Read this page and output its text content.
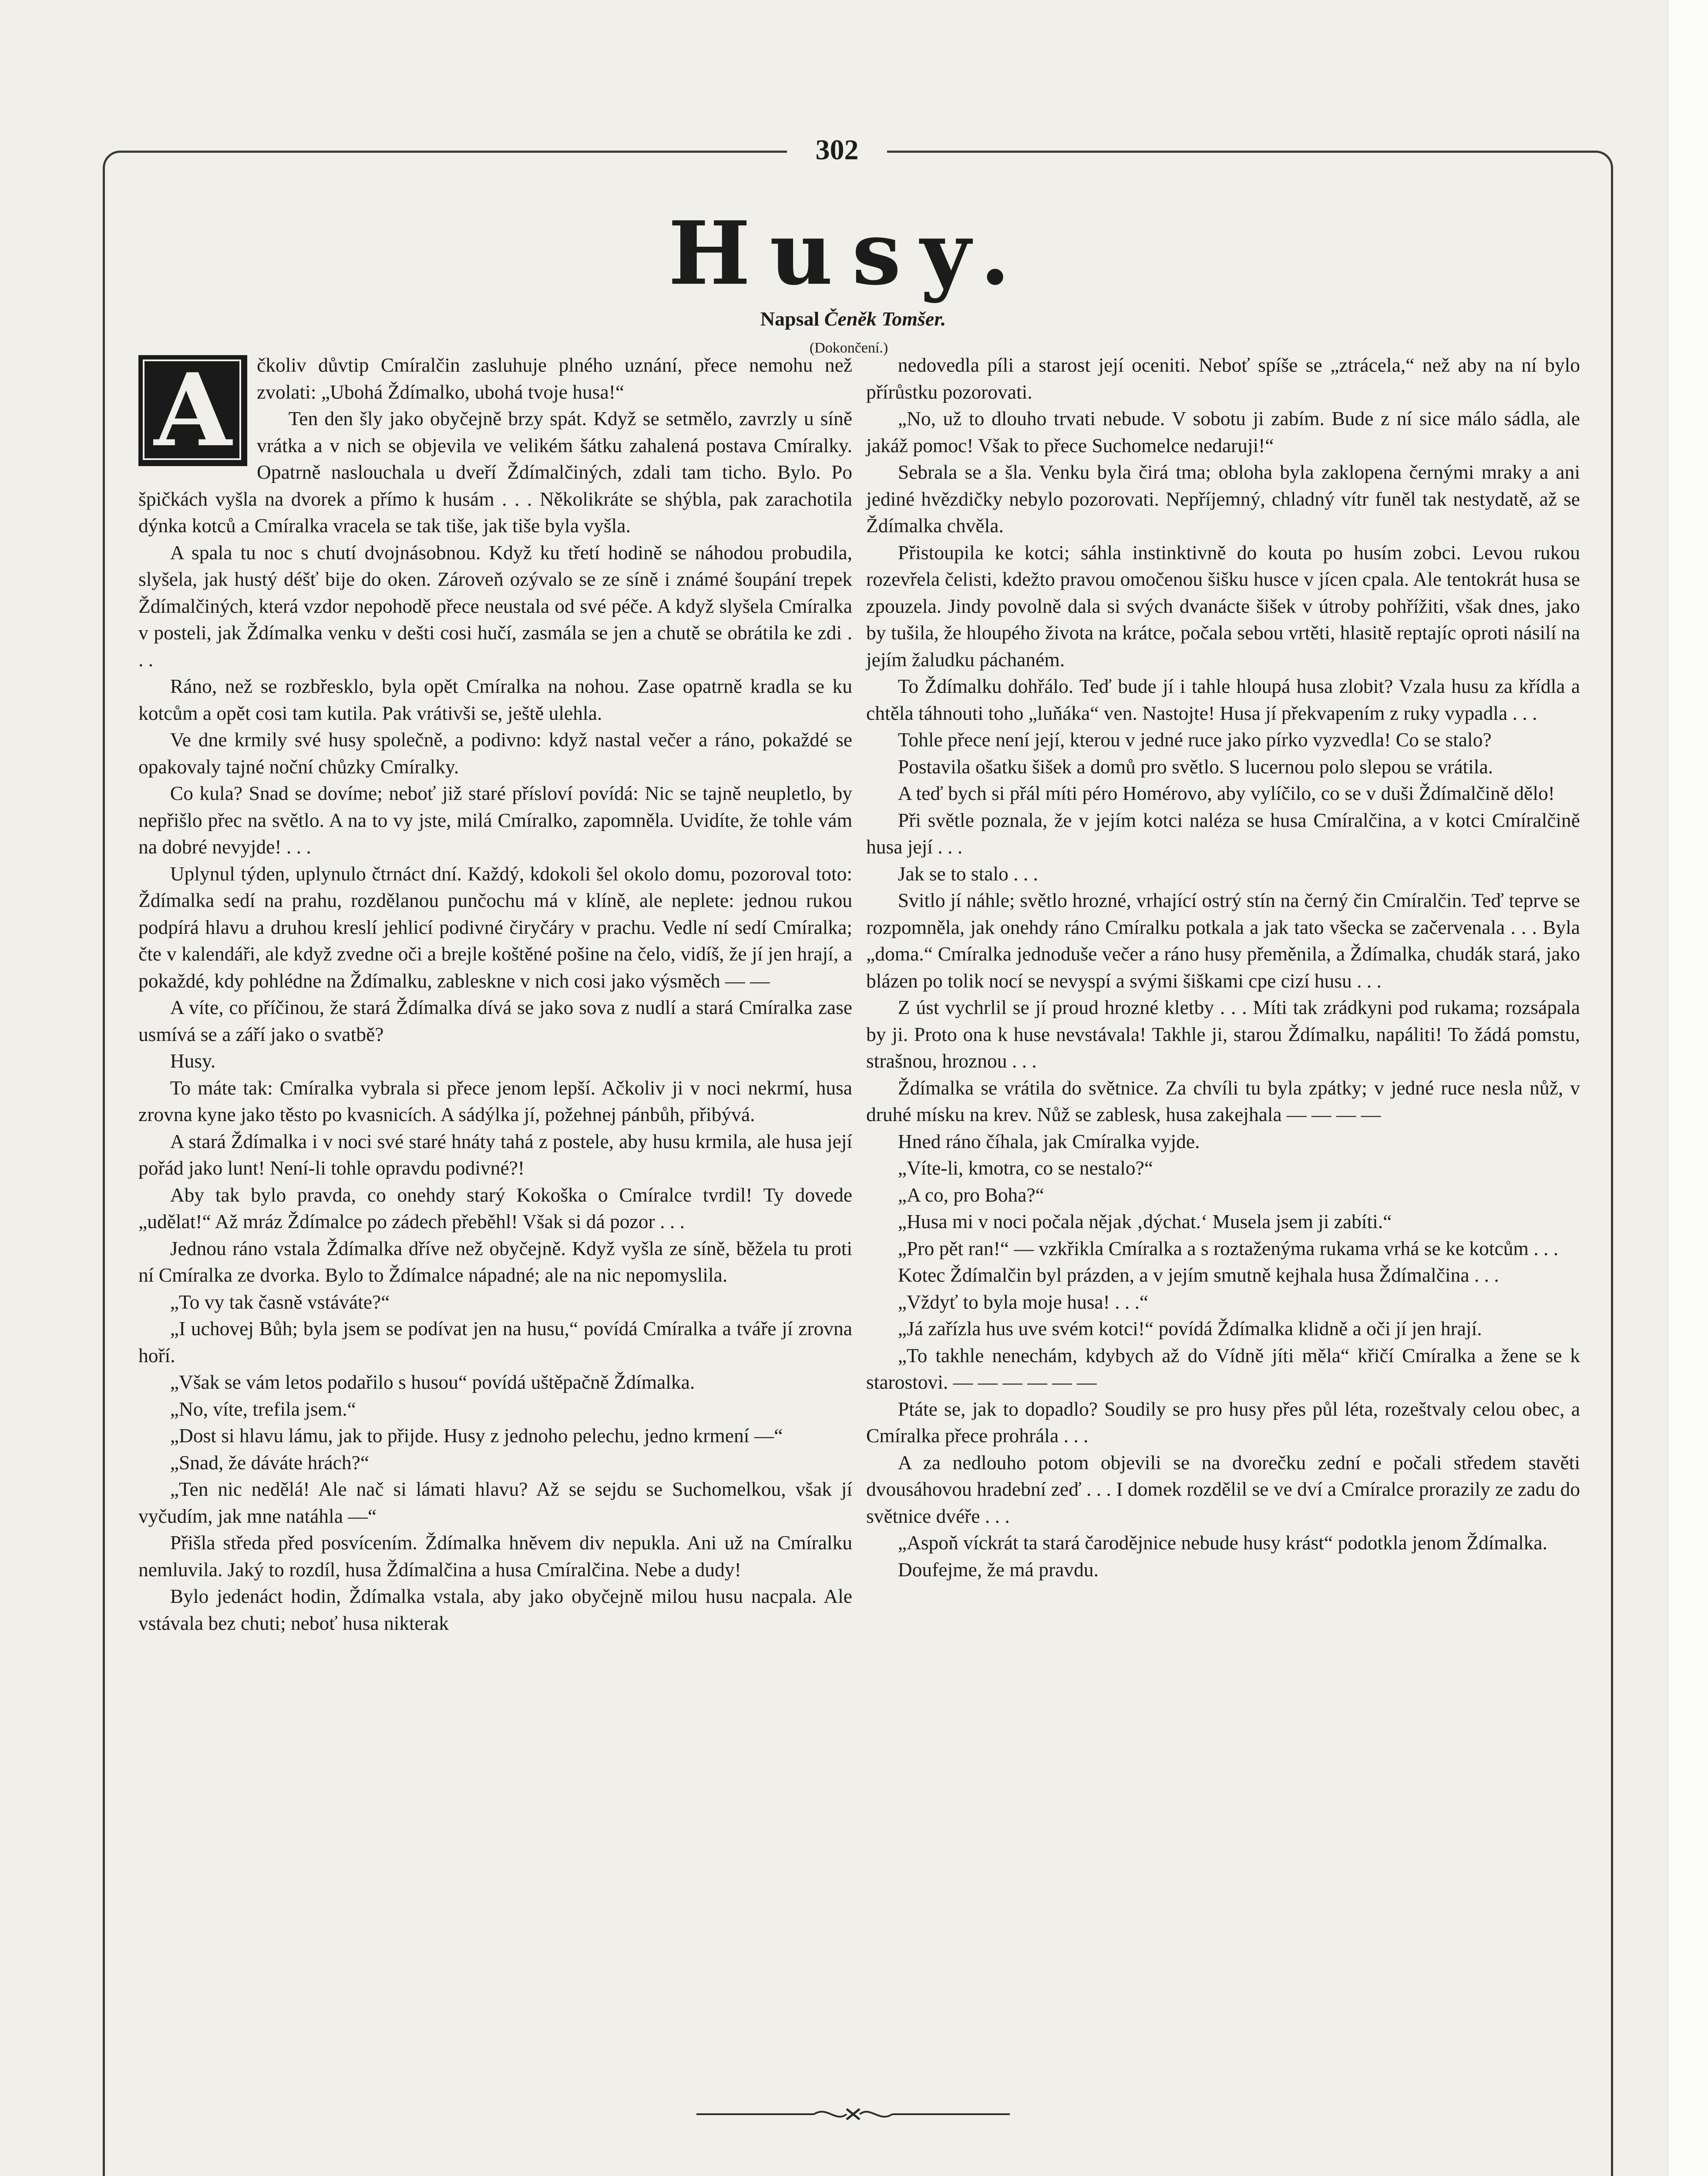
302
Husy.
Napsal Čeněk Tomšer.
(Dokončení.)
A	čkoliv důvtip Cmíralčin zasluhuje plného uznání, přece nemohu než zvolati: „Ubohá Ždímalko, ubohá tvoje husa!“

Ten den šly jako obyčejně brzy spát. Když se setmělo, zavrzly u síně vrátka a v nich se objevila ve velikém šátku zahalená postava Cmíralky. Opatrně naslouchala u dveří Ždímalčiných, zdali tam ticho. Bylo. Po špičkách vyšla na dvorek a přímo k husám . . . Několikráte se shýbla, pak zarachotila dýnka kotců a Cmíralka vracela se tak tiše, jak tiše byla vyšla.

A spala tu noc s chutí dvojnásobnou. Když ku třetí hodině se náhodou probudila, slyšela, jak hustý déšť bije do oken. Zároveň ozývalo se ze síně i známé šoupání trepek Ždímalčiných, která vzdor nepohodě přece neustala od své péče. A když slyšela Cmíralka v posteli, jak Ždímalka venku v dešti cosi hučí, zasmála se jen a chutě se obrátila ke zdi . . .

Ráno, než se rozbřesklo, byla opět Cmíralka na nohou. Zase opatrně kradla se ku kotcům a opět cosi tam kutila. Pak vrátivši se, ještě ulehla.

Ve dne krmily své husy společně, a podivno: když nastal večer a ráno, pokaždé se opakovaly tajné noční chůzky Cmíralky.

Co kula? Snad se dovíme; neboť již staré přísloví povídá: Nic se tajně neupletlo, by nepřišlo přec na světlo. A na to vy jste, milá Cmíralko, zapomněla. Uvidíte, že tohle vám na dobré nevyjde! . . .

Uplynul týden, uplynulo čtrnáct dní. Každý, kdokoli šel okolo domu, pozoroval toto: Ždímalka sedí na prahu, rozdělanou punčochu má v klíně, ale neplete: jednou rukou podpírá hlavu a druhou kreslí jehlicí podivné čiryčáry v prachu. Vedle ní sedí Cmíralka; čte v kalendáři, ale když zvedne oči a brejle koštěné pošine na čelo, vidíš, že jí jen hrají, a pokaždé, kdy pohlédne na Ždímalku, zableskne v nich cosi jako výsměch — —

A víte, co příčinou, že stará Ždímalka dívá se jako sova z nudlí a stará Cmíralka zase usmívá se a září jako o svatbě?

Husy.

To máte tak: Cmíralka vybrala si přece jenom lepší. Ačkoliv ji v noci nekrmí, husa zrovna kyne jako těsto po kvasnicích. A sádýlka jí, požehnej pánbůh, přibývá.

A stará Ždímalka i v noci své staré hnáty tahá z postele, aby husu krmila, ale husa její pořád jako lunt! Není-li tohle opravdu podivné?!

Aby tak bylo pravda, co onehdy starý Kokoška o Cmíralce tvrdil! Ty dovede „udělat!“ Až mráz Ždímalce po zádech přeběhl! Však si dá pozor . . .

Jednou ráno vstala Ždímalka dříve než obyčejně. Když vyšla ze síně, běžela tu proti ní Cmíralka ze dvorka. Bylo to Ždímalce nápadné; ale na nic nepomyslila.

„To vy tak časně vstáváte?“

„I uchovej Bůh; byla jsem se podívat jen na husu,“ povídá Cmíralka a tváře jí zrovna hoří.

„Však se vám letos podařilo s husou“ povídá uštěpačně Ždímalka.

„No, víte, trefila jsem.“

„Dost si hlavu lámu, jak to přijde. Husy z jednoho pelechu, jedno krmení —“

„Snad, že dáváte hrách?“

„Ten nic nedělá! Ale nač si lámati hlavu? Až se sejdu se Suchomelkou, však jí vyčudím, jak mne natáhla —“

Přišla středa před posvícením. Ždímalka hněvem div nepukla. Ani už na Cmíralku nemluvila. Jaký to rozdíl, husa Ždímalčina a husa Cmíralčina. Nebe a dudy!

Bylo jedenáct hodin, Ždímalka vstala, aby jako obyčejně milou husu nacpala. Ale vstávala bez chuti; neboť husa nikterak

nedovedla píli a starost její oceniti. Neboť spíše se „ztrácela,“ než aby na ní bylo přírůstku pozorovati.

„No, už to dlouho trvati nebude. V sobotu ji zabím. Bude z ní sice málo sádla, ale jakáž pomoc! Však to přece Suchomelce nedaruji!“

Sebrala se a šla. Venku byla čirá tma; obloha byla zaklopena černými mraky a ani jediné hvězdičky nebylo pozorovati. Nepříjemný, chladný vítr funěl tak nestydatě, až se Ždímalka chvěla.

Přistoupila ke kotci; sáhla instinktivně do kouta po husím zobci. Levou rukou rozevřela čelisti, kdežto pravou omočenou šišku husce v jícen cpala. Ale tentokrát husa se zpouzela. Jindy povolně dala si svých dvanácte šišek v útroby pohřížiti, však dnes, jako by tušila, že hloupého života na krátce, počala sebou vrtěti, hlasitě reptajíc oproti násilí na jejím žaludku páchaném.

To Ždímalku dohřálo. Teď bude jí i tahle hloupá husa zlobit? Vzala husu za křídla a chtěla táhnouti toho „luňáka“ ven. Nastojte! Husa jí překvapením z ruky vypadla . . .

Tohle přece není její, kterou v jedné ruce jako pírko vyzvedla! Co se stalo?

Postavila ošatku šišek a domů pro světlo. S lucernou polo slepou se vrátila.

A teď bych si přál míti péro Homérovo, aby vylíčilo, co se v duši Ždímalčině dělo!

Při světle poznala, že v jejím kotci naléza se husa Cmíralčina, a v kotci Cmíralčině husa její . . .

Jak se to stalo . . .

Svitlo jí náhle; světlo hrozné, vrhající ostrý stín na černý čin Cmíralčin. Teď teprve se rozpomněla, jak onehdy ráno Cmíralku potkala a jak tato všecka se začervenala . . . Byla „doma.“ Cmíralka jednoduše večer a ráno husy přeměnila, a Ždímalka, chudák stará, jako blázen po tolik nocí se nevyspí a svými šiškami cpe cizí husu . . .

Z úst vychrlil se jí proud hrozné kletby . . . Míti tak zrádkyni pod rukama; rozsápala by ji. Proto ona k huse nevstávala! Takhle ji, starou Ždímalku, napáliti! To žádá pomstu, strašnou, hroznou . . .

Ždímalka se vrátila do světnice. Za chvíli tu byla zpátky; v jedné ruce nesla nůž, v druhé mísku na krev. Nůž se zablesk, husa zakejhala — — — —

Hned ráno číhala, jak Cmíralka vyjde.

„Víte-li, kmotra, co se nestalo?“

„A co, pro Boha?“

„Husa mi v noci počala nějak ‚dýchat.‘ Musela jsem ji zabíti.“

„Pro pět ran!“ — vzkřikla Cmíralka a s roztaženýma rukama vrhá se ke kotcům . . .

Kotec Ždímalčin byl prázden, a v jejím smutně kejhala husa Ždímalčina . . .

„Vždyť to byla moje husa! . . .“

„Já zařízla hus uve svém kotci!“ povídá Ždímalka klidně a oči jí jen hrají.

„To takhle nenechám, kdybych až do Vídně jíti měla“ křičí Cmíralka a žene se k starostovi. — — — — — —

Ptáte se, jak to dopadlo? Soudily se pro husy přes půl léta, rozeštvaly celou obec, a Cmíralka přece prohrála . . .

A za nedlouho potom objevili se na dvorečku zední e počali středem stavěti dvousáhovou hradební zeď . . . I domek rozdělil se ve dví a Cmíralce prorazily ze zadu do světnice dvéře . . .

„Aspoň víckrát ta stará čarodějnice nebude husy krást“ podotkla jenom Ždímalka.

Doufejme, že má pravdu.
